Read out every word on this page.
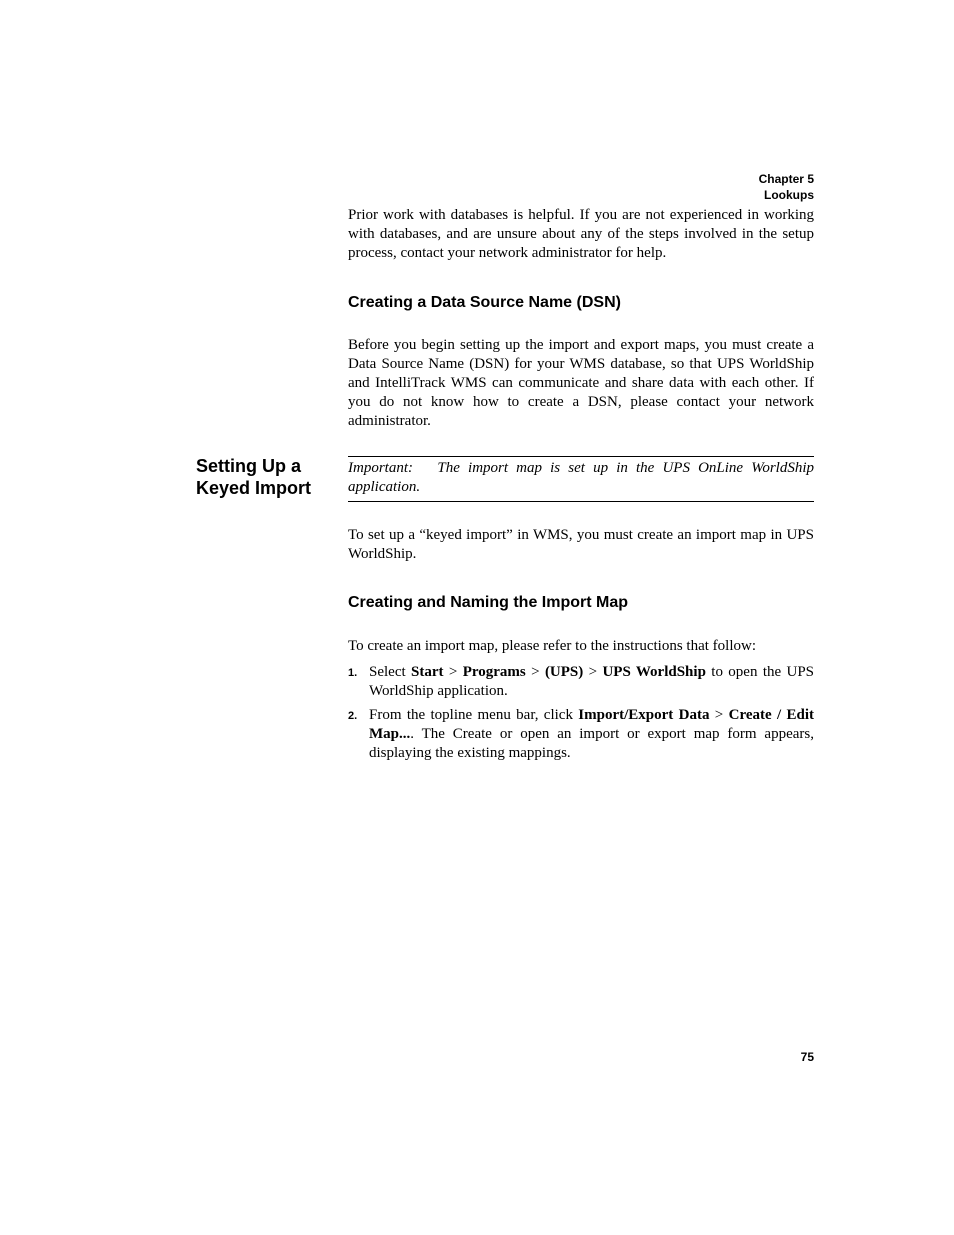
Chapter 5
Lookups

Prior work with databases is helpful. If you are not experienced in working with databases, and are unsure about any of the steps involved in the setup process, contact your network administrator for help.

Creating a Data Source Name (DSN)

Before you begin setting up the import and export maps, you must create a Data Source Name (DSN) for your WMS database, so that UPS WorldShip and IntelliTrack WMS can communicate and share data with each other. If you do not know how to create a DSN, please contact your network administrator.

Setting Up a
Keyed Import

Important: The import map is set up in the UPS OnLine WorldShip application.

To set up a “keyed import” in WMS, you must create an import map in UPS WorldShip.

Creating and Naming the Import Map

To create an import map, please refer to the instructions that follow:

1. Select Start > Programs > (UPS) > UPS WorldShip to open the UPS WorldShip application.

2. From the topline menu bar, click Import/Export Data > Create / Edit Map.... The Create or open an import or export map form appears, displaying the existing mappings.

75
